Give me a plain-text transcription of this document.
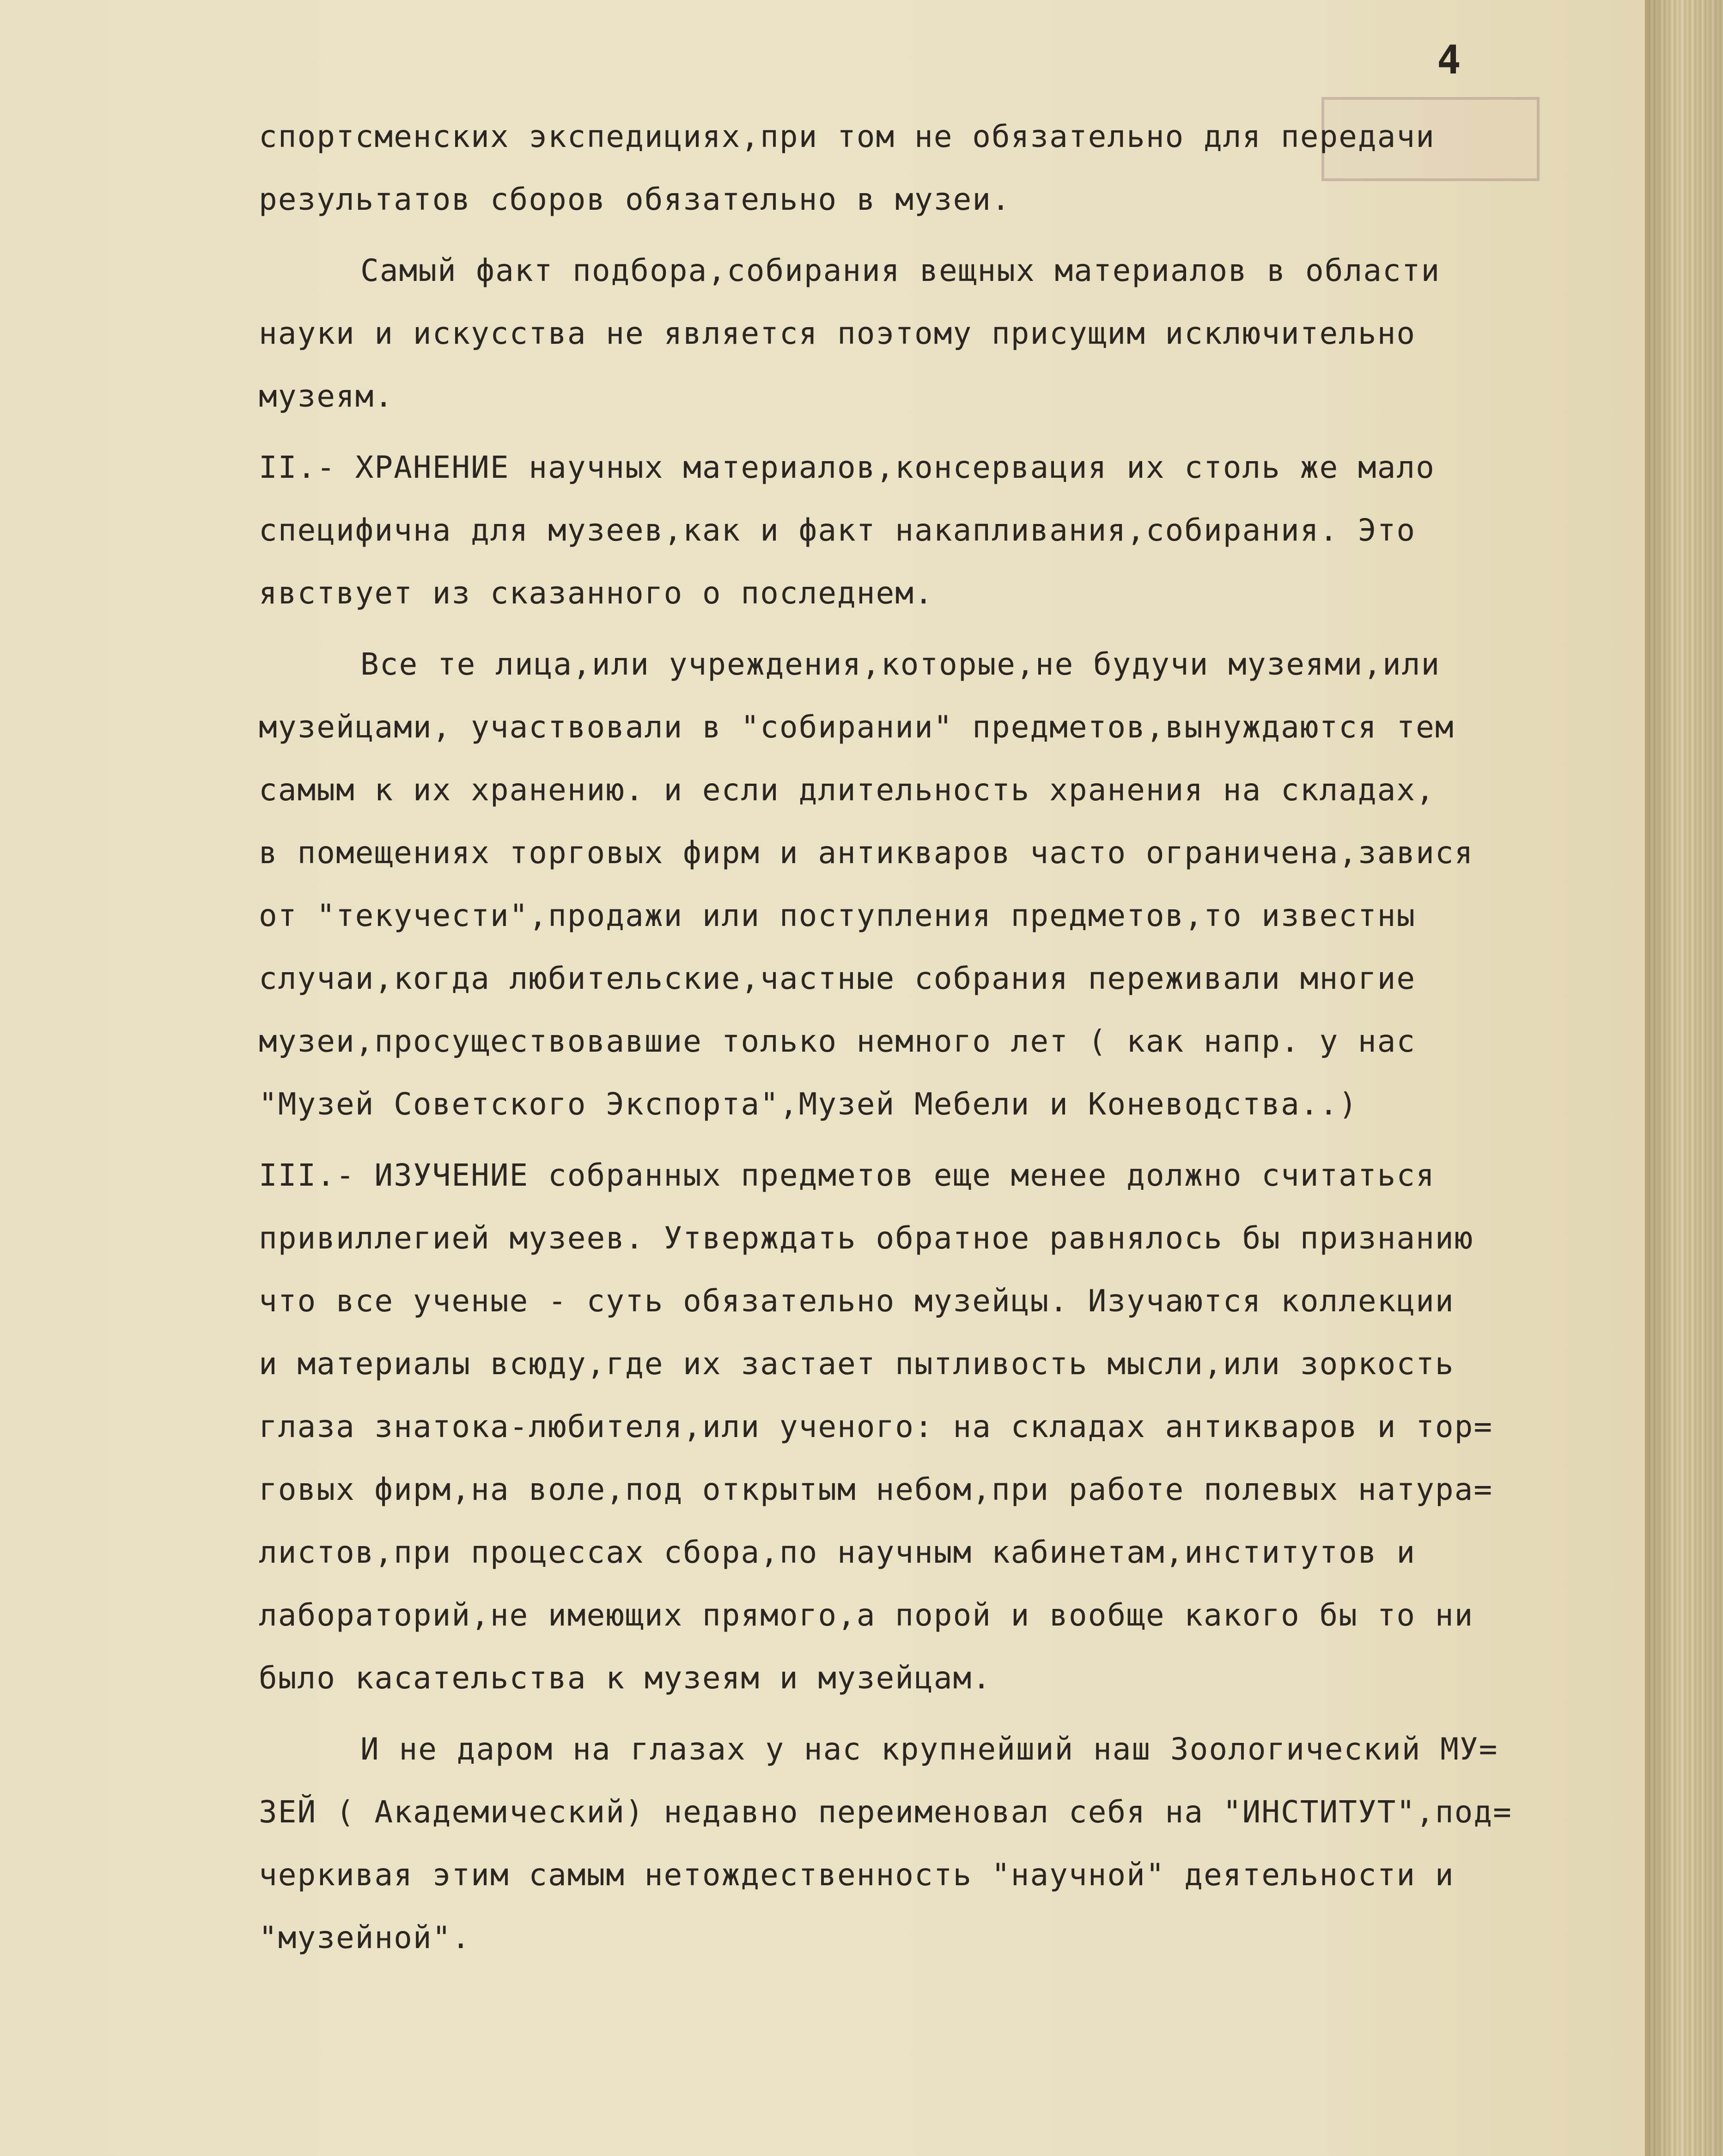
4
спортсменских экспедициях,при том не обязательно для передачи
результатов сборов обязательно в музеи.
Самый факт подбора,собирания вещных материалов в области
науки и искусства не является поэтому присущим исключительно
музеям.
II.- ХРАНЕНИЕ научных материалов,консервация их столь же мало
специфична для музеев,как и факт накапливания,собирания. Это
явствует из сказанного о последнем.
Все те лица,или учреждения,которые,не будучи музеями,или
музейцами, участвовали в "собирании" предметов,вынуждаются тем
самым к их хранению. и если длительность хранения на складах,
в помещениях торговых фирм и антикваров часто ограничена,завися
от "текучести",продажи или поступления предметов,то известны
случаи,когда любительские,частные собрания переживали многие
музеи,просуществовавшие только немного лет ( как напр. у нас
"Музей Советского Экспорта",Музей Мебели и Коневодства..)
III.- ИЗУЧЕНИЕ собранных предметов еще менее должно считаться
привиллегией музеев. Утверждать обратное равнялось бы признанию
что все ученые - суть обязательно музейцы. Изучаются коллекции
и материалы всюду,где их застает пытливость мысли,или зоркость
глаза знатока-любителя,или ученого: на складах антикваров и тор=
говых фирм,на воле,под открытым небом,при работе полевых натура=
листов,при процессах сбора,по научным кабинетам,институтов и
лабораторий,не имеющих прямого,а порой и вообще какого бы то ни
было касательства к музеям и музейцам.
И не даром на глазах у нас крупнейший наш Зоологический МУ=
ЗЕЙ ( Академический) недавно переименовал себя на "ИНСТИТУТ",под=
черкивая этим самым нетождественность "научной" деятельности и
"музейной".
